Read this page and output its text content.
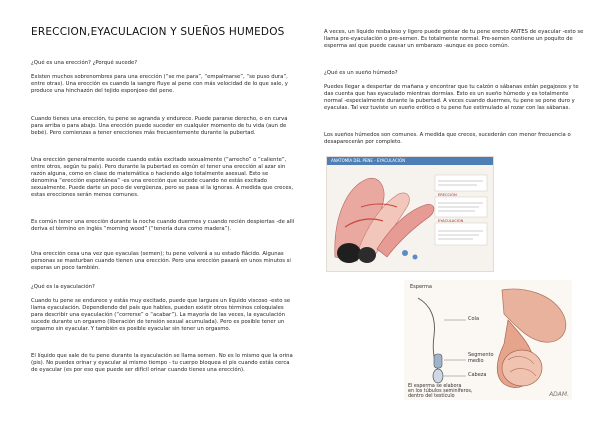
ERECCION,EYACULACION Y SUEÑOS HUMEDOS

¿Qué es una erección? ¿Porqué sucede?

Existen muchos sobrenombres para una erección (“se me para”, “empalmarse”, “se puso dura”, entre otras). Una erección es cuando la sangre fluye al pene con más velocidad de lo que sale, y produce una hinchazón del tejido esponjoso del pene.

Cuando tienes una erección, tu pene se agranda y endurece. Puede pararse derecho, o en curva para arriba o para abajo. Una erección puede suceder en cualquier momento de tu vida (aun de bebé). Pero comienzas a tener erecciones más frecuentemente durante la pubertad.

Una erección generalmente sucede cuando estás excitado sexualmente (“arrecho” o “caliente”, entre otros, según tu país). Pero durante la pubertad es común el tener una erección al azar sin razón alguna, como en clase de matemática o haciendo algo totalmente asexual. Esto se denomina “erección espontánea” -es una erección que sucede cuando no estás excitado sexualmente. Puede darte un poco de vergüenza, pero se pasa si la ignoras. A medida que creces, estas erecciones serán menos comunes.

Es común tener una erección durante la noche cuando duermes y cuando recién despiertas -de allí deriva el término en inglés “morning wood” (“tenería dura como madera”).

Una erección cesa una vez que eyaculas (semen); tu pene volverá a su estado flácido. Algunas personas se masturban cuando tienen una erección. Pero una erección pasará en unos minutos si esperas un poco también.

¿Qué es la eyaculación?

Cuando tu pene se endurece y estás muy excitado, puede que largues un líquido viscoso -esto se llama eyaculación. Dependiendo del país que hables, pueden existir otros términos coloquiales para describir una eyaculación (“correrse” o “acabar”). La mayoría de las veces, la eyaculación sucede durante un orgasmo (liberación de tensión sexual acumulada). Pero es posible tener un orgasmo sin eyacular. Y también es posible eyacular sin tener un orgasmo.

El líquido que sale de tu pene durante la eyaculación se llama semen. No es lo mismo que la orina (pis). No puedes orinar y eyacular al mismo tiempo - tu cuerpo bloquea el pis cuando estás cerca de eyacular (es por eso que puede ser difícil orinar cuando tienes una erección).

A veces, un líquido resbaloso y ligero puede gotear de tu pene erecto ANTES de eyacular -esto se llama pre-eyaculación o pre-semen. Es totalmente normal. Pre-semen contiene un poquito de esperma así que puede causar un embarazo -aunque es poco común.

¿Qué es un sueño húmedo?

Puedes llegar a despertar de mañana y encontrar que tu calzón o sábanas están pegajosos y te das cuenta que has eyaculado mientras dormías. Esto es un sueño húmedo y es totalmente normal -especialmente durante la pubertad. A veces cuando duermes, tu pene se pone duro y eyaculas. Tal vez tuviste un sueño erótico o tu pene fue estimulado al rozar con las sábanas.

Los sueños húmedos son comunes. A medida que creces, sucederán con menor frecuencia o desaparecerán por completo.

ANATOMÍA DEL PENE - EYACULACIÓN
ERECCIÓN
EYACULACIÓN
Esperma
Cola
Segmento
medio
Cabeza
El esperma se elabora
en los túbulos seminíferos,
dentro del testículo	ADAM.
